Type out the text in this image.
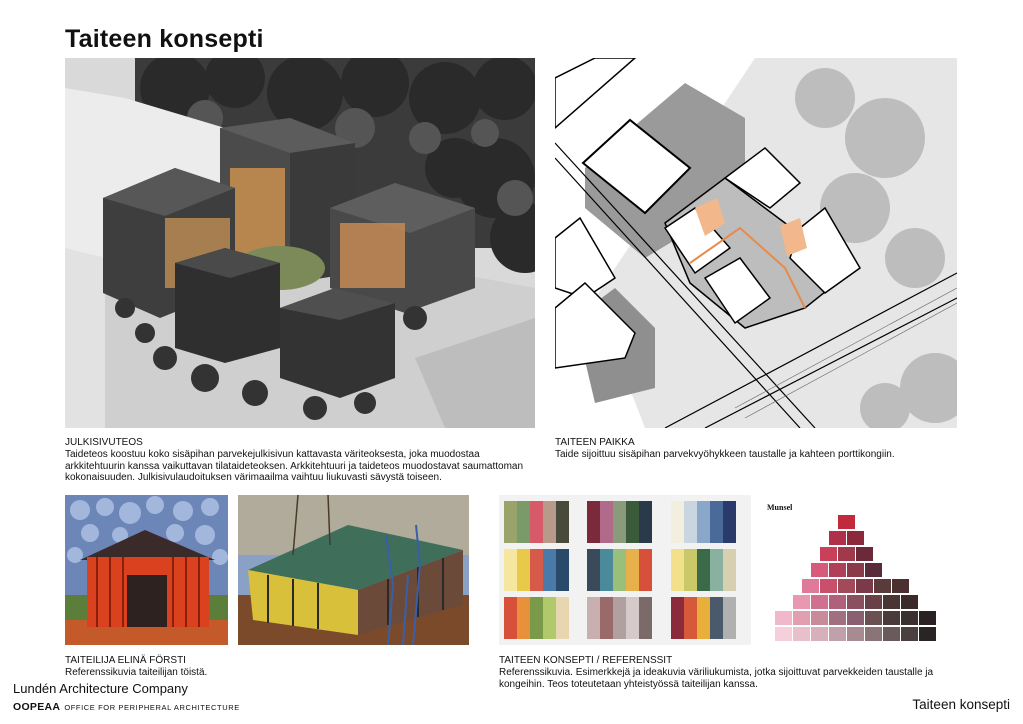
Taiteen konsepti
JULKISIVUTEOS
Taideteos koostuu koko sisäpihan parvekejulkisivun kattavasta väriteoksesta, joka muodostaa arkkitehtuurin kanssa vaikuttavan tilataideteoksen. Arkkitehtuuri ja taideteos muodostavat saumattoman kokonaisuuden. Julkisivulaudoituksen värimaailma vaihtuu liukuvasti sävystä toiseen.
TAITEEN PAIKKA
Taide sijoittuu sisäpihan parvekvyöhykkeen taustalle ja kahteen porttikongiin.
Munsel
TAITEILIJA ELINÄ FÖRSTI
Referenssikuvia taiteilijan töistä.
TAITEEN KONSEPTI / REFERENSSIT
Referenssikuvia. Esimerkkejä ja ideakuvia väriliukumista, jotka sijoittuvat parvekkeiden taustalle ja kongeihin. Teos toteutetaan yhteistyössä taiteilijan kanssa.
Lundén Architecture Company
OOPEAA OFFICE FOR PERIPHERAL ARCHITECTURE	Taiteen konsepti
